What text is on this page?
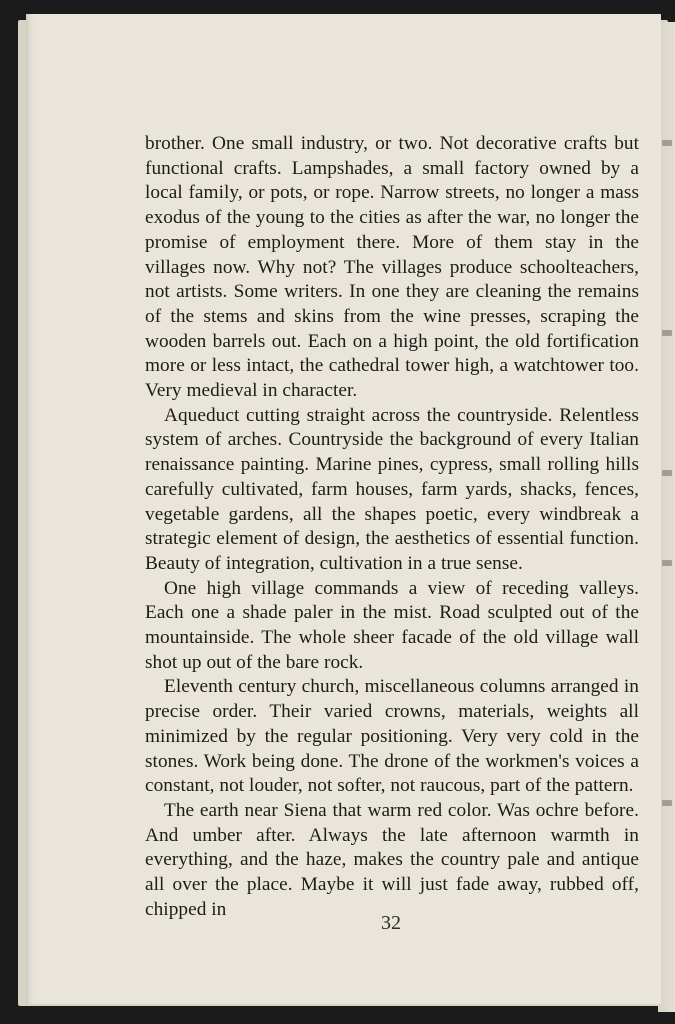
brother. One small industry, or two. Not decorative crafts but functional crafts. Lampshades, a small factory owned by a local family, or pots, or rope. Narrow streets, no longer a mass exodus of the young to the cities as after the war, no longer the promise of employment there. More of them stay in the villages now. Why not? The villages produce schoolteachers, not artists. Some writers. In one they are cleaning the remains of the stems and skins from the wine presses, scraping the wooden barrels out. Each on a high point, the old fortification more or less intact, the cathedral tower high, a watchtower too. Very medieval in character.

Aqueduct cutting straight across the countryside. Relentless system of arches. Countryside the background of every Italian renaissance painting. Marine pines, cypress, small rolling hills carefully cultivated, farm houses, farm yards, shacks, fences, vegetable gardens, all the shapes poetic, every windbreak a strategic element of design, the aesthetics of essential function. Beauty of integration, cultivation in a true sense.

One high village commands a view of receding valleys. Each one a shade paler in the mist. Road sculpted out of the mountainside. The whole sheer facade of the old village wall shot up out of the bare rock.

Eleventh century church, miscellaneous columns arranged in precise order. Their varied crowns, materials, weights all minimized by the regular positioning. Very very cold in the stones. Work being done. The drone of the workmen's voices a constant, not louder, not softer, not raucous, part of the pattern.

The earth near Siena that warm red color. Was ochre before. And umber after. Always the late afternoon warmth in everything, and the haze, makes the country pale and antique all over the place. Maybe it will just fade away, rubbed off, chipped in

32
